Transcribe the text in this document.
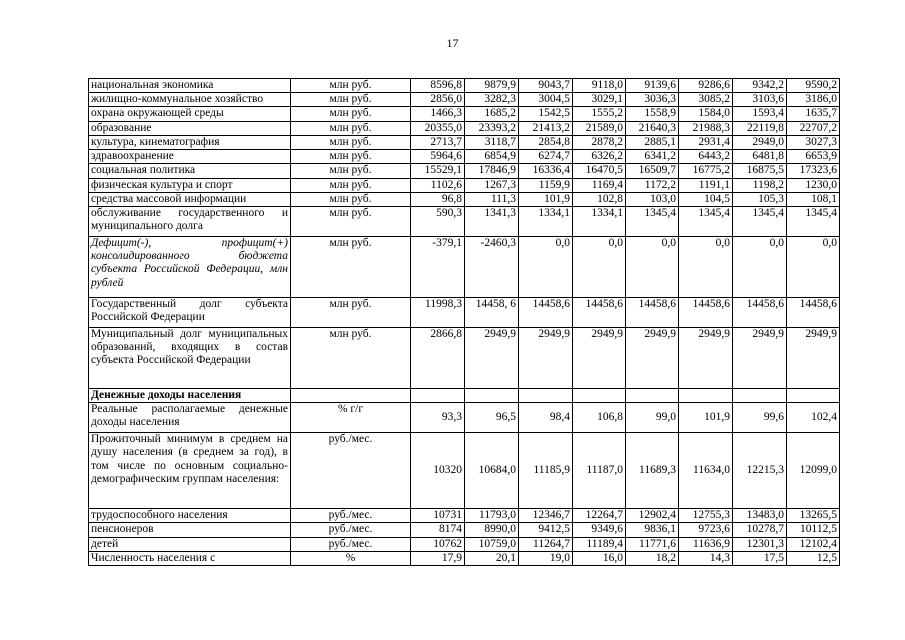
17
национальная экономика	млн руб.	8596,8	9879,9	9043,7	9118,0	9139,6	9286,6	9342,2	9590,2
жилищно-коммунальное хозяйство	млн руб.	2856,0	3282,3	3004,5	3029,1	3036,3	3085,2	3103,6	3186,0
охрана окружающей среды	млн руб.	1466,3	1685,2	1542,5	1555,2	1558,9	1584,0	1593,4	1635,7
образование	млн руб.	20355,0	23393,2	21413,2	21589,0	21640,3	21988,3	22119,8	22707,2
культура, кинематография	млн руб.	2713,7	3118,7	2854,8	2878,2	2885,1	2931,4	2949,0	3027,3
здравоохранение	млн руб.	5964,6	6854,9	6274,7	6326,2	6341,2	6443,2	6481,8	6653,9
социальная политика	млн руб.	15529,1	17846,9	16336,4	16470,5	16509,7	16775,2	16875,5	17323,6
физическая культура и спорт	млн руб.	1102,6	1267,3	1159,9	1169,4	1172,2	1191,1	1198,2	1230,0
средства массовой информации	млн руб.	96,8	111,3	101,9	102,8	103,0	104,5	105,3	108,1
обслуживание государственного и муниципального долга	млн руб.	590,3	1341,3	1334,1	1334,1	1345,4	1345,4	1345,4	1345,4
Дефицит(-), профицит(+) консолидированного бюджета субъекта Российской Федерации, млн рублей	млн руб.	-379,1	-2460,3	0,0	0,0	0,0	0,0	0,0	0,0
Государственный долг субъекта Российской Федерации	млн руб.	11998,3	14458, 6	14458,6	14458,6	14458,6	14458,6	14458,6	14458,6
Муниципальный долг муниципальных образований, входящих в состав субъекта Российской Федерации	млн руб.	2866,8	2949,9	2949,9	2949,9	2949,9	2949,9	2949,9	2949,9
Денежные доходы населения									
Реальные располагаемые денежные доходы населения	% г/г	93,3	96,5	98,4	106,8	99,0	101,9	99,6	102,4
Прожиточный минимум в среднем на душу населения (в среднем за год), в том числе по основным социально-демографическим группам населения:	руб./мес.	10320	10684,0	11185,9	11187,0	11689,3	11634,0	12215,3	12099,0
трудоспособного населения	руб./мес.	10731	11793,0	12346,7	12264,7	12902,4	12755,3	13483,0	13265,5
пенсионеров	руб./мес.	8174	8990,0	9412,5	9349,6	9836,1	9723,6	10278,7	10112,5
детей	руб./мес.	10762	10759,0	11264,7	11189,4	11771,6	11636,9	12301,3	12102,4
Численность населения с	%	17,9	20,1	19,0	16,0	18,2	14,3	17,5	12,5
